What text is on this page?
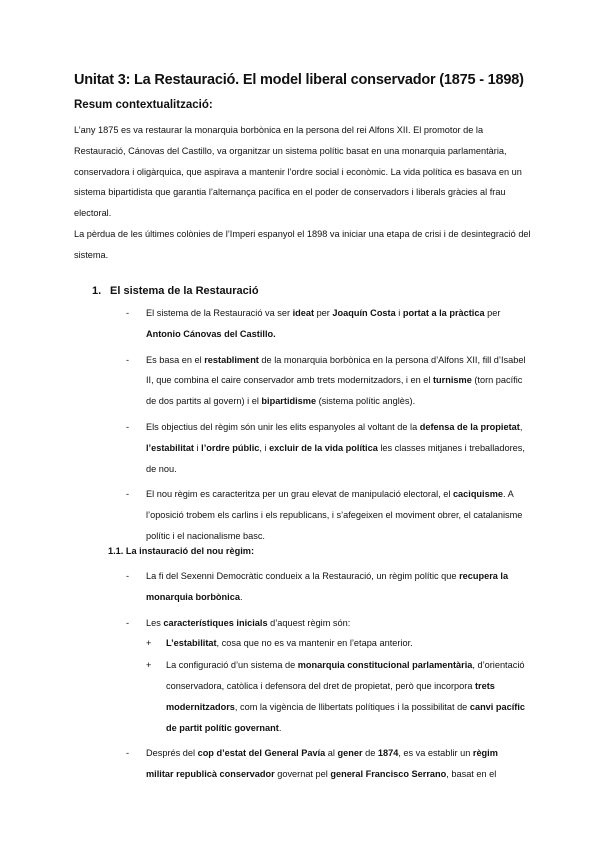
Unitat 3: La Restauració. El model liberal conservador (1875 - 1898)
Resum contextualització:

L’any 1875 es va restaurar la monarquia borbònica en la persona del rei Alfons XII. El promotor de la Restauració, Cánovas del Castillo, va organitzar un sistema polític basat en una monarquia parlamentària, conservadora i oligàrquica, que aspirava a mantenir l’ordre social i econòmic. La vida política es basava en un sistema bipartidista que garantia l’alternança pacífica en el poder de conservadors i liberals gràcies al frau electoral.

La pèrdua de les últimes colònies de l’Imperi espanyol el 1898 va iniciar una etapa de crisi i de desintegració del sistema.

1. El sistema de la Restauració
- El sistema de la Restauració va ser ideat per Joaquín Costa i portat a la pràctica per Antonio Cánovas del Castillo.
- Es basa en el restabliment de la monarquia borbònica en la persona d’Alfons XII, fill d’Isabel II, que combina el caire conservador amb trets modernitzadors, i en el turnisme (torn pacífic de dos partits al govern) i el bipartidisme (sistema polític anglès).
- Els objectius del règim són unir les elits espanyoles al voltant de la defensa de la propietat, l’estabilitat i l’ordre públic, i excluir de la vida política les classes mitjanes i treballadores, de nou.
- El nou règim es caracteritza per un grau elevat de manipulació electoral, el caciquisme. A l’oposició trobem els carlins i els republicans, i s’afegeixen el moviment obrer, el catalanisme polític i el nacionalisme basc.
1.1. La instauració del nou règim:
- La fi del Sexenni Democràtic condueix a la Restauració, un règim polític que recupera la monarquia borbònica.
- Les característiques inicials d’aquest règim són:
+ L’estabilitat, cosa que no es va mantenir en l’etapa anterior.
+ La configuració d’un sistema de monarquia constitucional parlamentària, d’orientació conservadora, catòlica i defensora del dret de propietat, però que incorpora trets modernitzadors, com la vigència de llibertats polítiques i la possibilitat de canvi pacífic de partit polític governant.
- Després del cop d’estat del General Pavía al gener de 1874, es va establir un règim militar republicà conservador governat pel general Francisco Serrano, basat en el
